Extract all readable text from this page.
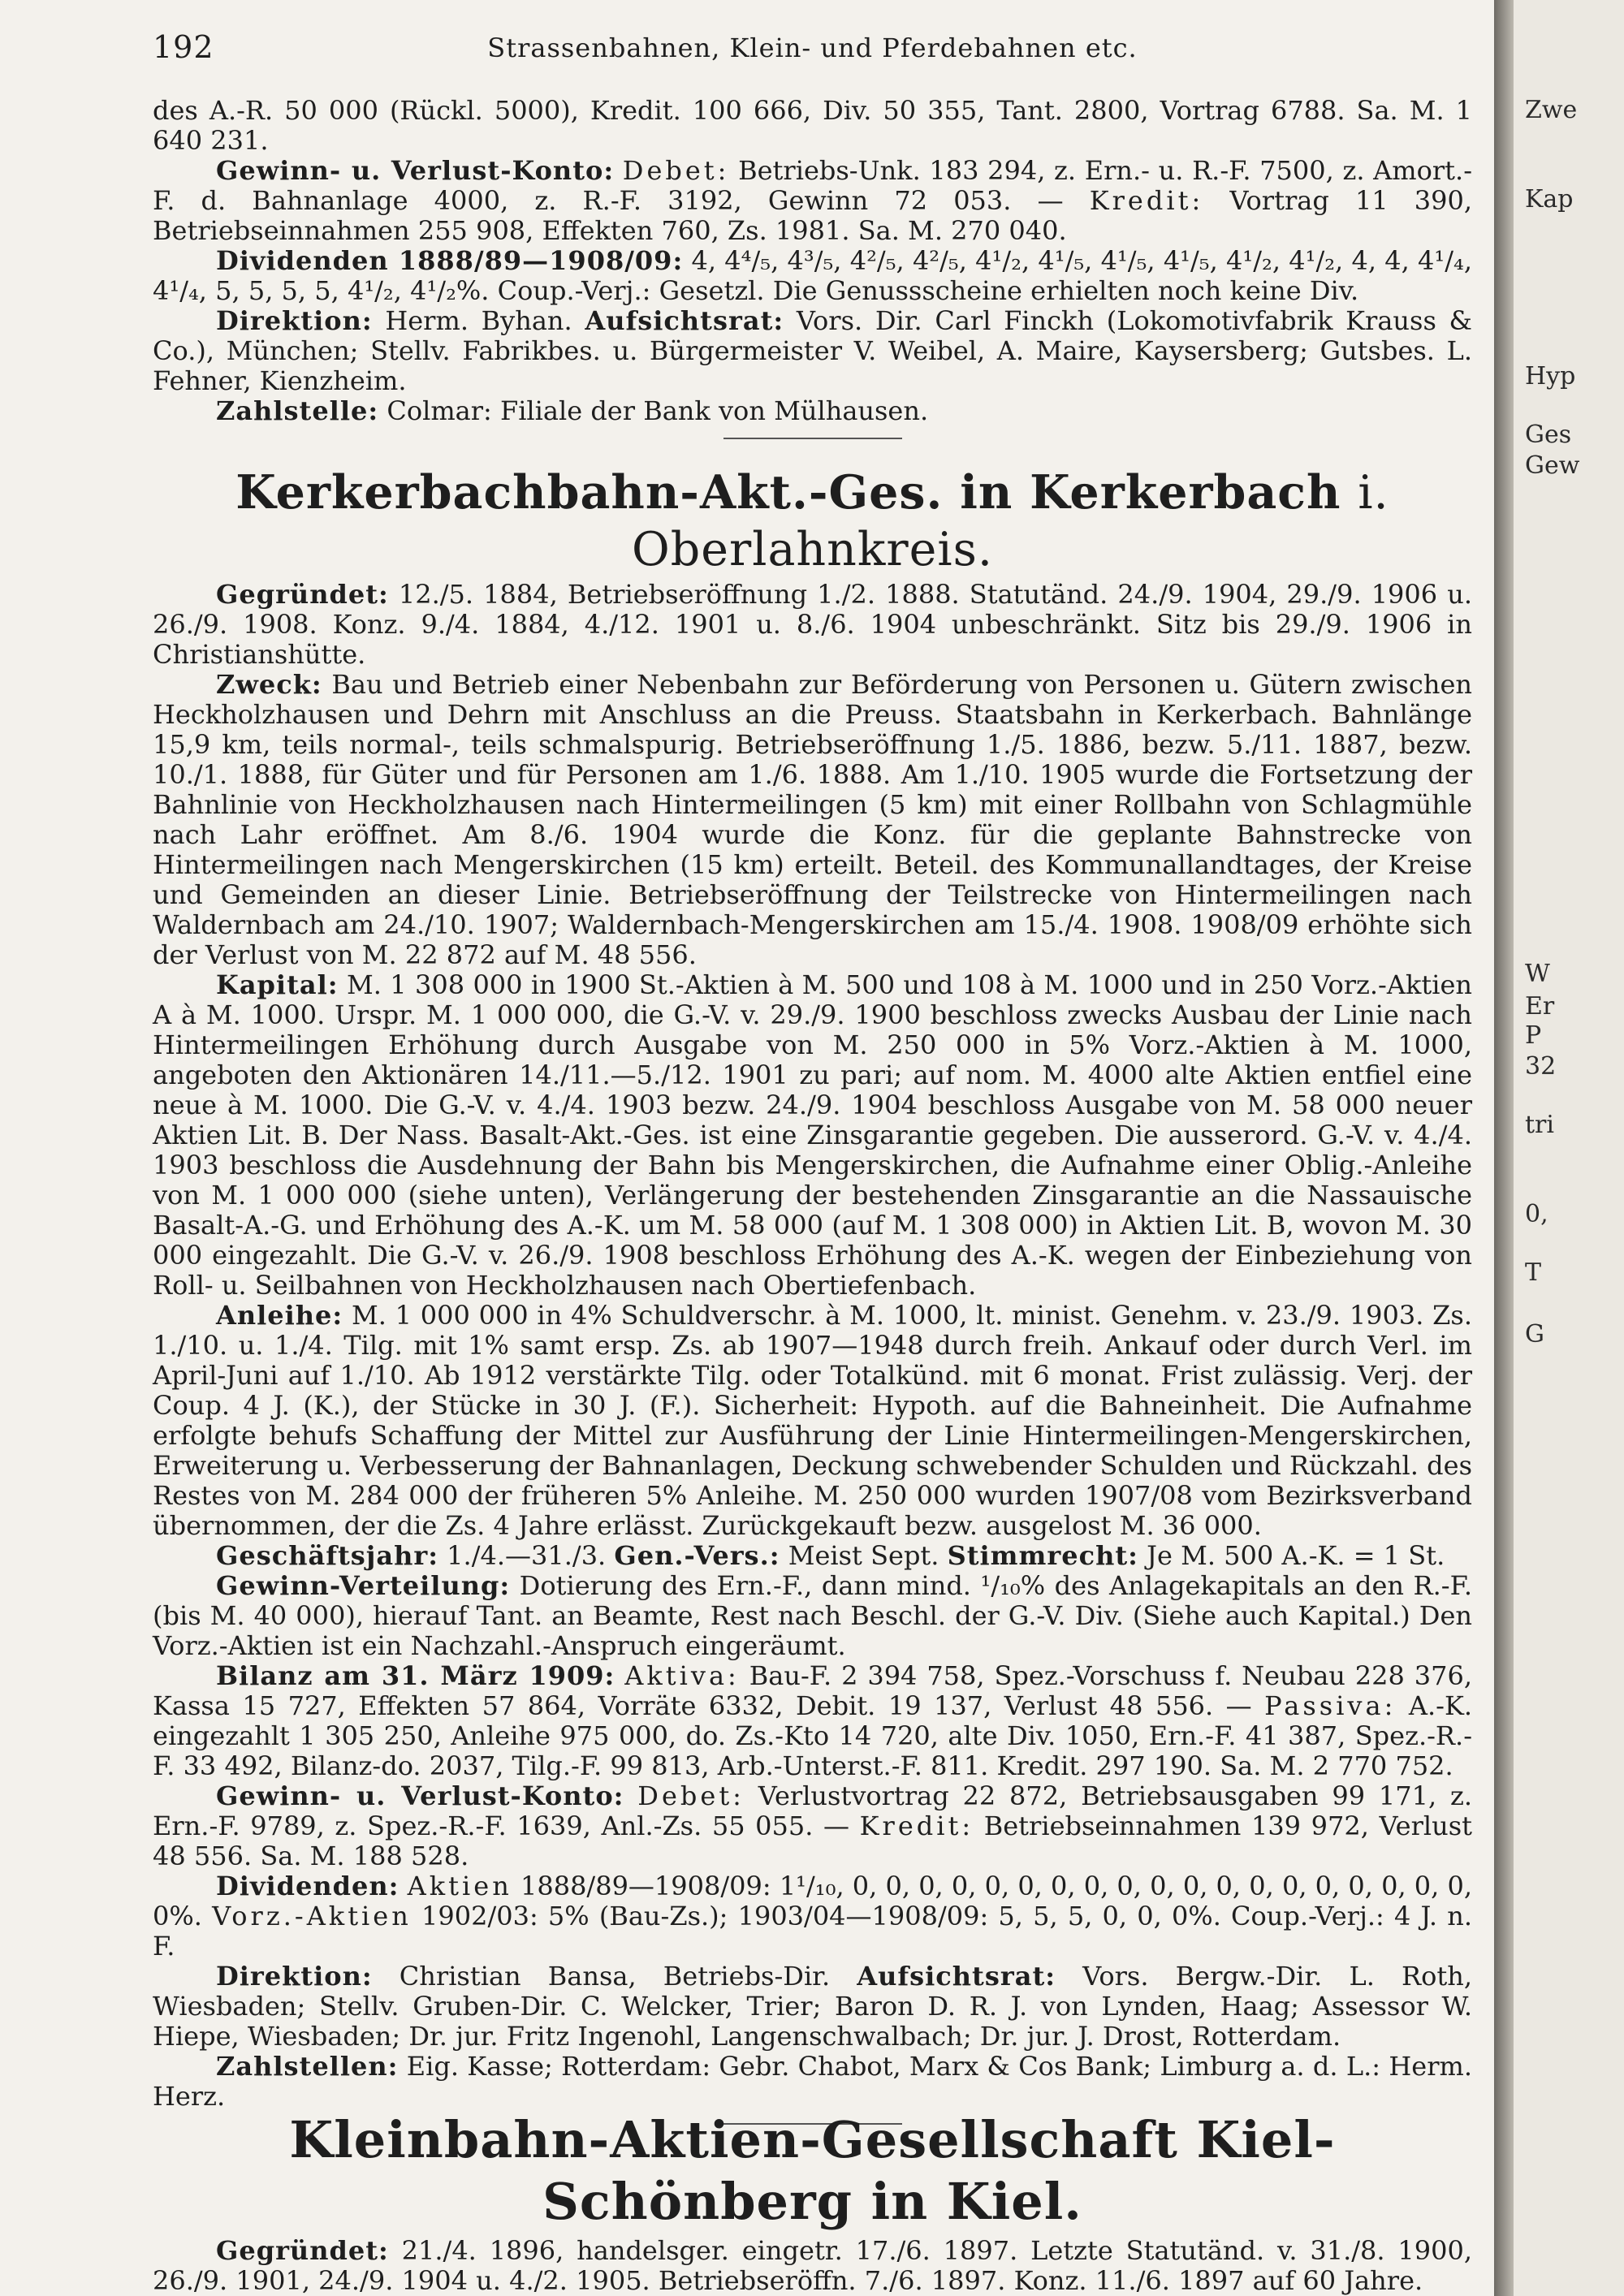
192	Strassenbahnen, Klein- und Pferdebahnen etc.

des A.-R. 50 000 (Rückl. 5000), Kredit. 100 666, Div. 50 355, Tant. 2800, Vortrag 6788. Sa. M. 1 640 231.

Gewinn- u. Verlust-Konto: Debet: Betriebs-Unk. 183 294, z. Ern.- u. R.-F. 7500, z. Amort.-F. d. Bahnanlage 4000, z. R.-F. 3192, Gewinn 72 053. — Kredit: Vortrag 11 390, Betriebseinnahmen 255 908, Effekten 760, Zs. 1981. Sa. M. 270 040.

Dividenden 1888/89—1908/09: 4, 4⁴/₅, 4³/₅, 4²/₅, 4²/₅, 4¹/₂, 4¹/₅, 4¹/₅, 4¹/₅, 4¹/₂, 4¹/₂, 4, 4, 4¹/₄, 4¹/₄, 5, 5, 5, 5, 4¹/₂, 4¹/₂%. Coup.-Verj.: Gesetzl. Die Genussscheine erhielten noch keine Div.

Direktion: Herm. Byhan. Aufsichtsrat: Vors. Dir. Carl Finckh (Lokomotivfabrik Krauss & Co.), München; Stellv. Fabrikbes. u. Bürgermeister V. Weibel, A. Maire, Kaysersberg; Gutsbes. L. Fehner, Kienzheim.

Zahlstelle: Colmar: Filiale der Bank von Mülhausen.

Kerkerbachbahn-Akt.-Ges. in Kerkerbach i. Oberlahnkreis.

Gegründet: 12./5. 1884, Betriebseröffnung 1./2. 1888. Statutänd. 24./9. 1904, 29./9. 1906 u. 26./9. 1908. Konz. 9./4. 1884, 4./12. 1901 u. 8./6. 1904 unbeschränkt. Sitz bis 29./9. 1906 in Christianshütte.

Zweck: Bau und Betrieb einer Nebenbahn zur Beförderung von Personen u. Gütern zwischen Heckholzhausen und Dehrn mit Anschluss an die Preuss. Staatsbahn in Kerkerbach. Bahnlänge 15,9 km, teils normal-, teils schmalspurig. Betriebseröffnung 1./5. 1886, bezw. 5./11. 1887, bezw. 10./1. 1888, für Güter und für Personen am 1./6. 1888. Am 1./10. 1905 wurde die Fortsetzung der Bahnlinie von Heckholzhausen nach Hintermeilingen (5 km) mit einer Rollbahn von Schlagmühle nach Lahr eröffnet. Am 8./6. 1904 wurde die Konz. für die geplante Bahnstrecke von Hintermeilingen nach Mengerskirchen (15 km) erteilt. Beteil. des Kommunallandtages, der Kreise und Gemeinden an dieser Linie. Betriebseröffnung der Teilstrecke von Hintermeilingen nach Waldernbach am 24./10. 1907; Waldernbach-Mengerskirchen am 15./4. 1908. 1908/09 erhöhte sich der Verlust von M. 22 872 auf M. 48 556.

Kapital: M. 1 308 000 in 1900 St.-Aktien à M. 500 und 108 à M. 1000 und in 250 Vorz.-Aktien A à M. 1000. Urspr. M. 1 000 000, die G.-V. v. 29./9. 1900 beschloss zwecks Ausbau der Linie nach Hintermeilingen Erhöhung durch Ausgabe von M. 250 000 in 5% Vorz.-Aktien à M. 1000, angeboten den Aktionären 14./11.—5./12. 1901 zu pari; auf nom. M. 4000 alte Aktien entfiel eine neue à M. 1000. Die G.-V. v. 4./4. 1903 bezw. 24./9. 1904 beschloss Ausgabe von M. 58 000 neuer Aktien Lit. B. Der Nass. Basalt-Akt.-Ges. ist eine Zinsgarantie gegeben. Die ausserord. G.-V. v. 4./4. 1903 beschloss die Ausdehnung der Bahn bis Mengerskirchen, die Aufnahme einer Oblig.-Anleihe von M. 1 000 000 (siehe unten), Verlängerung der bestehenden Zinsgarantie an die Nassauische Basalt-A.-G. und Erhöhung des A.-K. um M. 58 000 (auf M. 1 308 000) in Aktien Lit. B, wovon M. 30 000 eingezahlt. Die G.-V. v. 26./9. 1908 beschloss Erhöhung des A.-K. wegen der Einbeziehung von Roll- u. Seilbahnen von Heckholzhausen nach Obertiefenbach.

Anleihe: M. 1 000 000 in 4% Schuldverschr. à M. 1000, lt. minist. Genehm. v. 23./9. 1903. Zs. 1./10. u. 1./4. Tilg. mit 1% samt ersp. Zs. ab 1907—1948 durch freih. Ankauf oder durch Verl. im April-Juni auf 1./10. Ab 1912 verstärkte Tilg. oder Totalkünd. mit 6 monat. Frist zulässig. Verj. der Coup. 4 J. (K.), der Stücke in 30 J. (F.). Sicherheit: Hypoth. auf die Bahneinheit. Die Aufnahme erfolgte behufs Schaffung der Mittel zur Ausführung der Linie Hintermeilingen-Mengerskirchen, Erweiterung u. Verbesserung der Bahnanlagen, Deckung schwebender Schulden und Rückzahl. des Restes von M. 284 000 der früheren 5% Anleihe. M. 250 000 wurden 1907/08 vom Bezirksverband übernommen, der die Zs. 4 Jahre erlässt. Zurückgekauft bezw. ausgelost M. 36 000.

Geschäftsjahr: 1./4.—31./3. Gen.-Vers.: Meist Sept. Stimmrecht: Je M. 500 A.-K. = 1 St.

Gewinn-Verteilung: Dotierung des Ern.-F., dann mind. ¹/₁₀% des Anlagekapitals an den R.-F. (bis M. 40 000), hierauf Tant. an Beamte, Rest nach Beschl. der G.-V. Div. (Siehe auch Kapital.) Den Vorz.-Aktien ist ein Nachzahl.-Anspruch eingeräumt.

Bilanz am 31. März 1909: Aktiva: Bau-F. 2 394 758, Spez.-Vorschuss f. Neubau 228 376, Kassa 15 727, Effekten 57 864, Vorräte 6332, Debit. 19 137, Verlust 48 556. — Passiva: A.-K. eingezahlt 1 305 250, Anleihe 975 000, do. Zs.-Kto 14 720, alte Div. 1050, Ern.-F. 41 387, Spez.-R.-F. 33 492, Bilanz-do. 2037, Tilg.-F. 99 813, Arb.-Unterst.-F. 811. Kredit. 297 190. Sa. M. 2 770 752.

Gewinn- u. Verlust-Konto: Debet: Verlustvortrag 22 872, Betriebsausgaben 99 171, z. Ern.-F. 9789, z. Spez.-R.-F. 1639, Anl.-Zs. 55 055. — Kredit: Betriebseinnahmen 139 972, Verlust 48 556. Sa. M. 188 528.

Dividenden: Aktien 1888/89—1908/09: 1¹/₁₀, 0, 0, 0, 0, 0, 0, 0, 0, 0, 0, 0, 0, 0, 0, 0, 0, 0, 0, 0, 0%. Vorz.-Aktien 1902/03: 5% (Bau-Zs.); 1903/04—1908/09: 5, 5, 5, 0, 0, 0%. Coup.-Verj.: 4 J. n. F.

Direktion: Christian Bansa, Betriebs-Dir. Aufsichtsrat: Vors. Bergw.-Dir. L. Roth, Wiesbaden; Stellv. Gruben-Dir. C. Welcker, Trier; Baron D. R. J. von Lynden, Haag; Assessor W. Hiepe, Wiesbaden; Dr. jur. Fritz Ingenohl, Langenschwalbach; Dr. jur. J. Drost, Rotterdam.

Zahlstellen: Eig. Kasse; Rotterdam: Gebr. Chabot, Marx & Cos Bank; Limburg a. d. L.: Herm. Herz.

Kleinbahn-Aktien-Gesellschaft Kiel-Schönberg in Kiel.

Gegründet: 21./4. 1896, handelsger. eingetr. 17./6. 1897. Letzte Statutänd. v. 31./8. 1900, 26./9. 1901, 24./9. 1904 u. 4./2. 1905. Betriebseröffn. 7./6. 1897. Konz. 11./6. 1897 auf 60 Jahre.

Zwe
Kap
Hyp
Ges
Gew
W
Er
P
32
tri
0,
T
G
